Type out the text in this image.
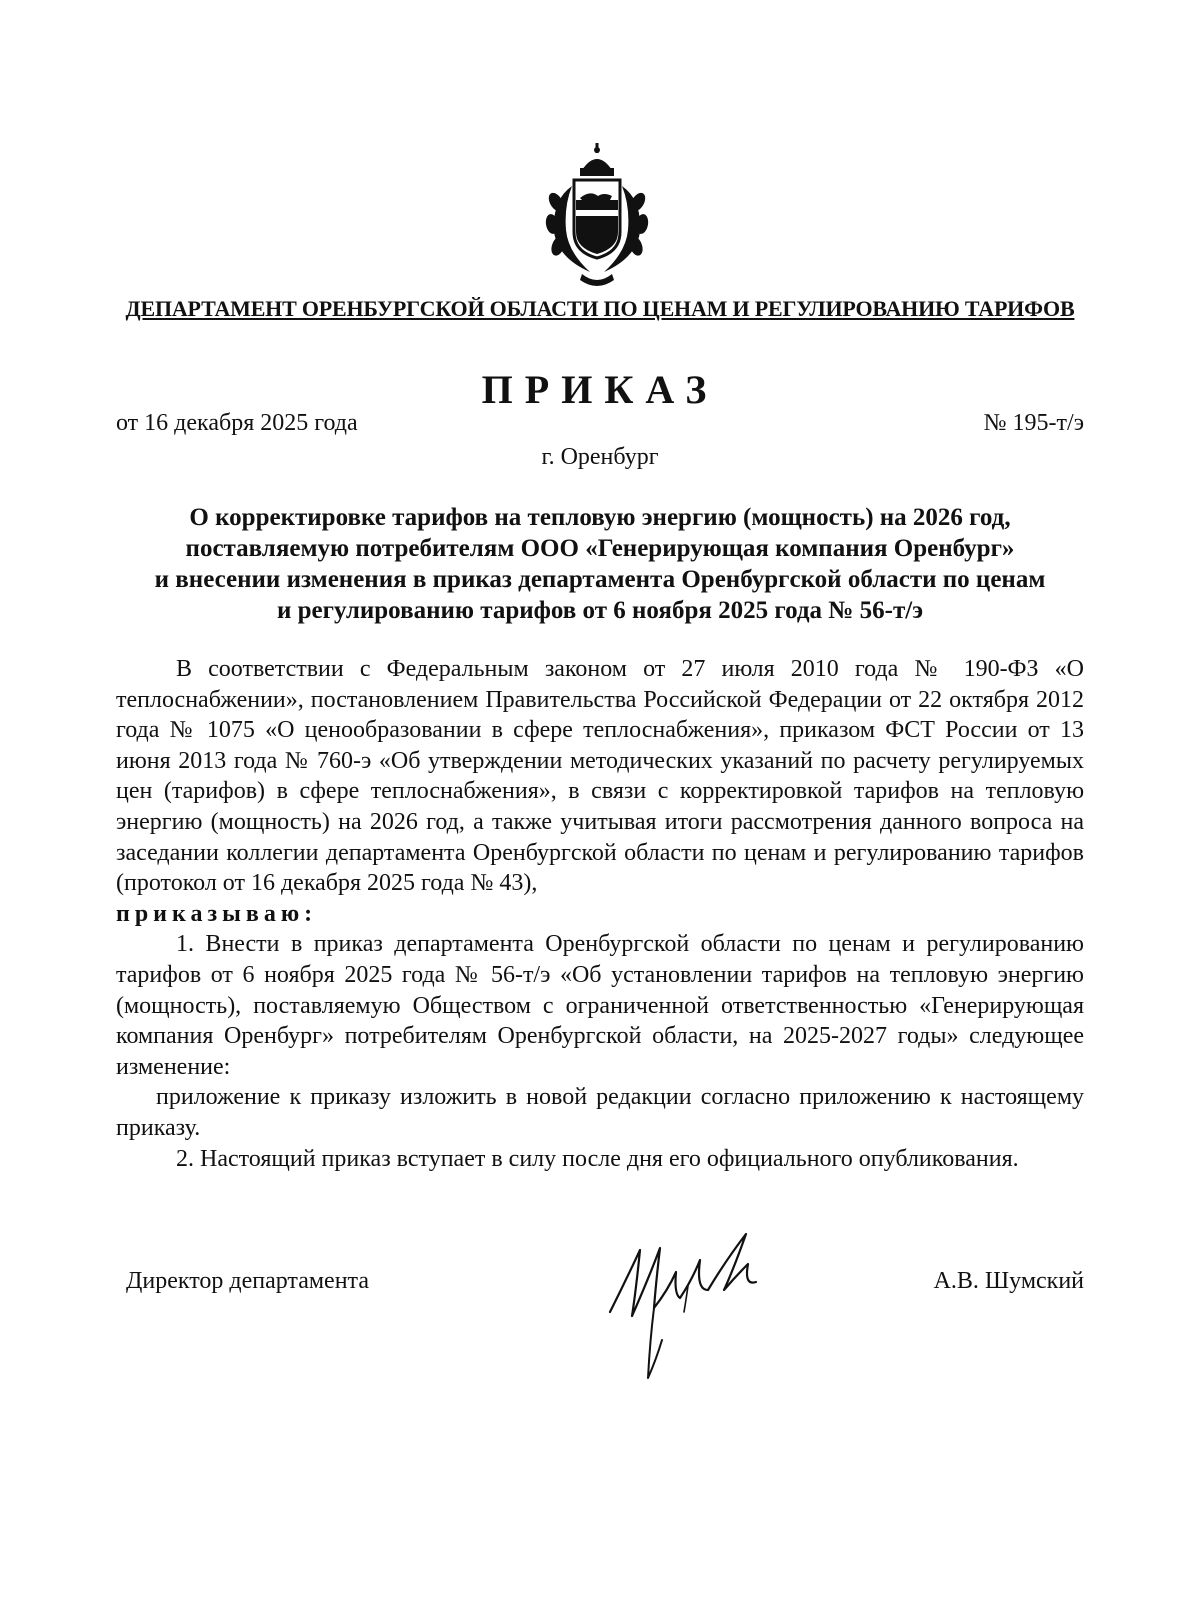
ДЕПАРТАМЕНТ ОРЕНБУРГСКОЙ ОБЛАСТИ ПО ЦЕНАМ И РЕГУЛИРОВАНИЮ ТАРИФОВ
ПРИКАЗ
от 16 декабря 2025 года	№ 195-т/э
г. Оренбург
О корректировке тарифов на тепловую энергию (мощность) на 2026 год,
поставляемую потребителям ООО «Генерирующая компания Оренбург»
и внесении изменения в приказ департамента Оренбургской области по ценам
и регулированию тарифов от 6 ноября 2025 года № 56-т/э

В соответствии с Федеральным законом от 27 июля 2010 года № 190-ФЗ «О теплоснабжении», постановлением Правительства Российской Федерации от 22 октября 2012 года № 1075 «О ценообразовании в сфере теплоснабжения», приказом ФСТ России от 13 июня 2013 года № 760-э «Об утверждении методических указаний по расчету регулируемых цен (тарифов) в сфере теплоснабжения», в связи с корректировкой тарифов на тепловую энергию (мощность) на 2026 год, а также учитывая итоги рассмотрения данного вопроса на заседании коллегии департамента Оренбургской области по ценам и регулированию тарифов (протокол от 16 декабря 2025 года № 43),

приказываю:

1. Внести в приказ департамента Оренбургской области по ценам и регулированию тарифов от 6 ноября 2025 года № 56-т/э «Об установлении тарифов на тепловую энергию (мощность), поставляемую Обществом с ограниченной ответственностью «Генерирующая компания Оренбург» потребителям Оренбургской области, на 2025-2027 годы» следующее изменение:

приложение к приказу изложить в новой редакции согласно приложению к настоящему приказу.

2. Настоящий приказ вступает в силу после дня его официального опубликования.

Директор департамента	А.В. Шумский
